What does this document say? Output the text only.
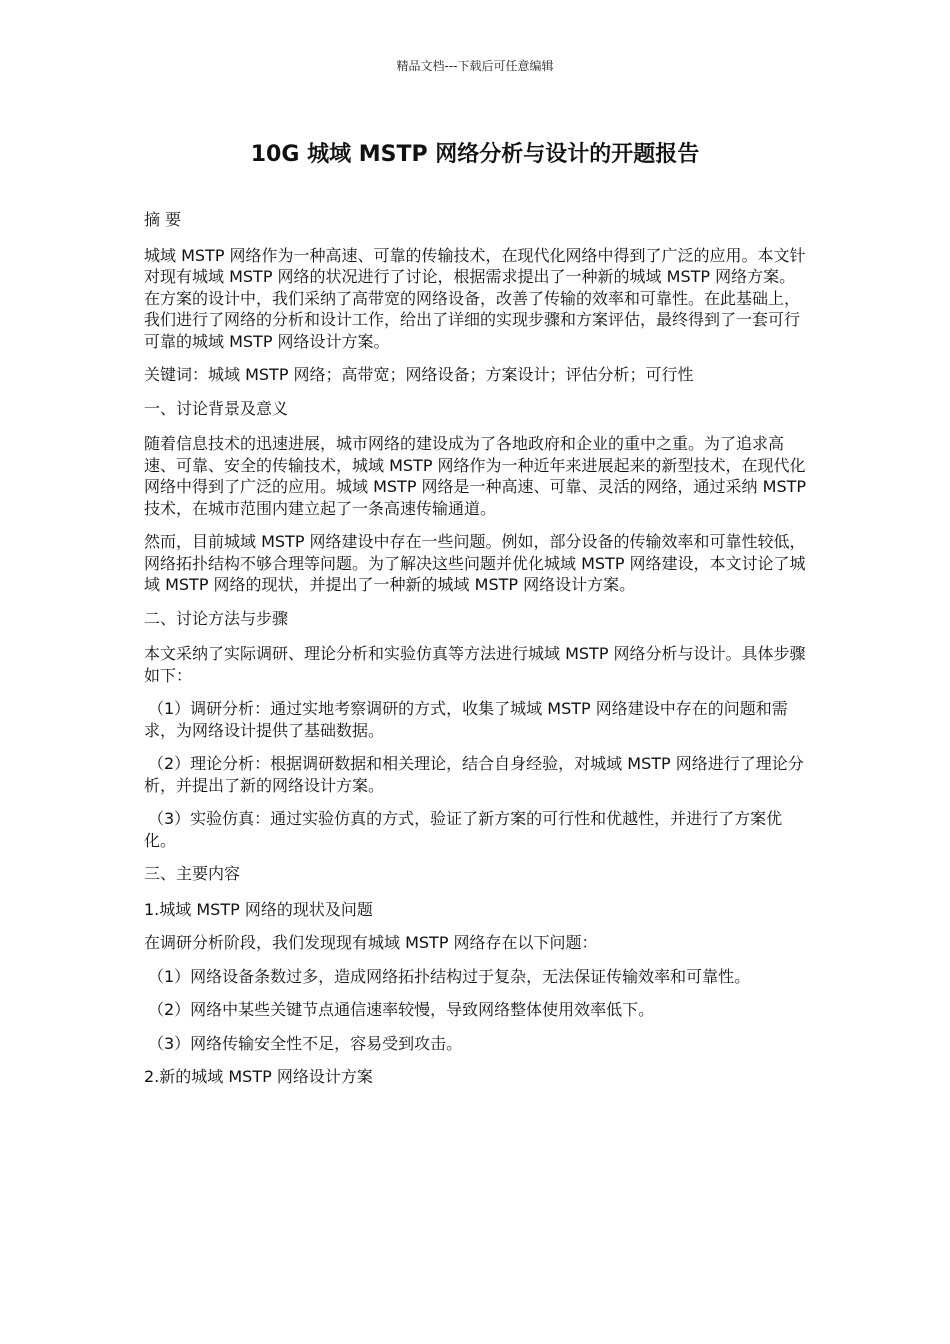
精品文档---下载后可任意编辑
10G 城域 MSTP 网络分析与设计的开题报告

摘 要

城域 MSTP 网络作为一种高速、可靠的传输技术，在现代化网络中得到了广泛的应用。本文针对现有城域 MSTP 网络的状况进行了讨论，根据需求提出了一种新的城域 MSTP 网络方案。在方案的设计中，我们采纳了高带宽的网络设备，改善了传输的效率和可靠性。在此基础上，我们进行了网络的分析和设计工作，给出了详细的实现步骤和方案评估，最终得到了一套可行可靠的城域 MSTP 网络设计方案。

关键词：城域 MSTP 网络；高带宽；网络设备；方案设计；评估分析；可行性

一、讨论背景及意义

随着信息技术的迅速进展，城市网络的建设成为了各地政府和企业的重中之重。为了追求高速、可靠、安全的传输技术，城域 MSTP 网络作为一种近年来进展起来的新型技术，在现代化网络中得到了广泛的应用。城域 MSTP 网络是一种高速、可靠、灵活的网络，通过采纳 MSTP 技术，在城市范围内建立起了一条高速传输通道。

然而，目前城域 MSTP 网络建设中存在一些问题。例如，部分设备的传输效率和可靠性较低，网络拓扑结构不够合理等问题。为了解决这些问题并优化城域 MSTP 网络建设，本文讨论了城域 MSTP 网络的现状，并提出了一种新的城域 MSTP 网络设计方案。

二、讨论方法与步骤

本文采纳了实际调研、理论分析和实验仿真等方法进行城域 MSTP 网络分析与设计。具体步骤如下：

（1）调研分析：通过实地考察调研的方式，收集了城域 MSTP 网络建设中存在的问题和需求，为网络设计提供了基础数据。

（2）理论分析：根据调研数据和相关理论，结合自身经验，对城域 MSTP 网络进行了理论分析，并提出了新的网络设计方案。

（3）实验仿真：通过实验仿真的方式，验证了新方案的可行性和优越性，并进行了方案优化。

三、主要内容

1.城域 MSTP 网络的现状及问题

在调研分析阶段，我们发现现有城域 MSTP 网络存在以下问题：

（1）网络设备条数过多，造成网络拓扑结构过于复杂，无法保证传输效率和可靠性。

（2）网络中某些关键节点通信速率较慢，导致网络整体使用效率低下。

（3）网络传输安全性不足，容易受到攻击。

2.新的城域 MSTP 网络设计方案
